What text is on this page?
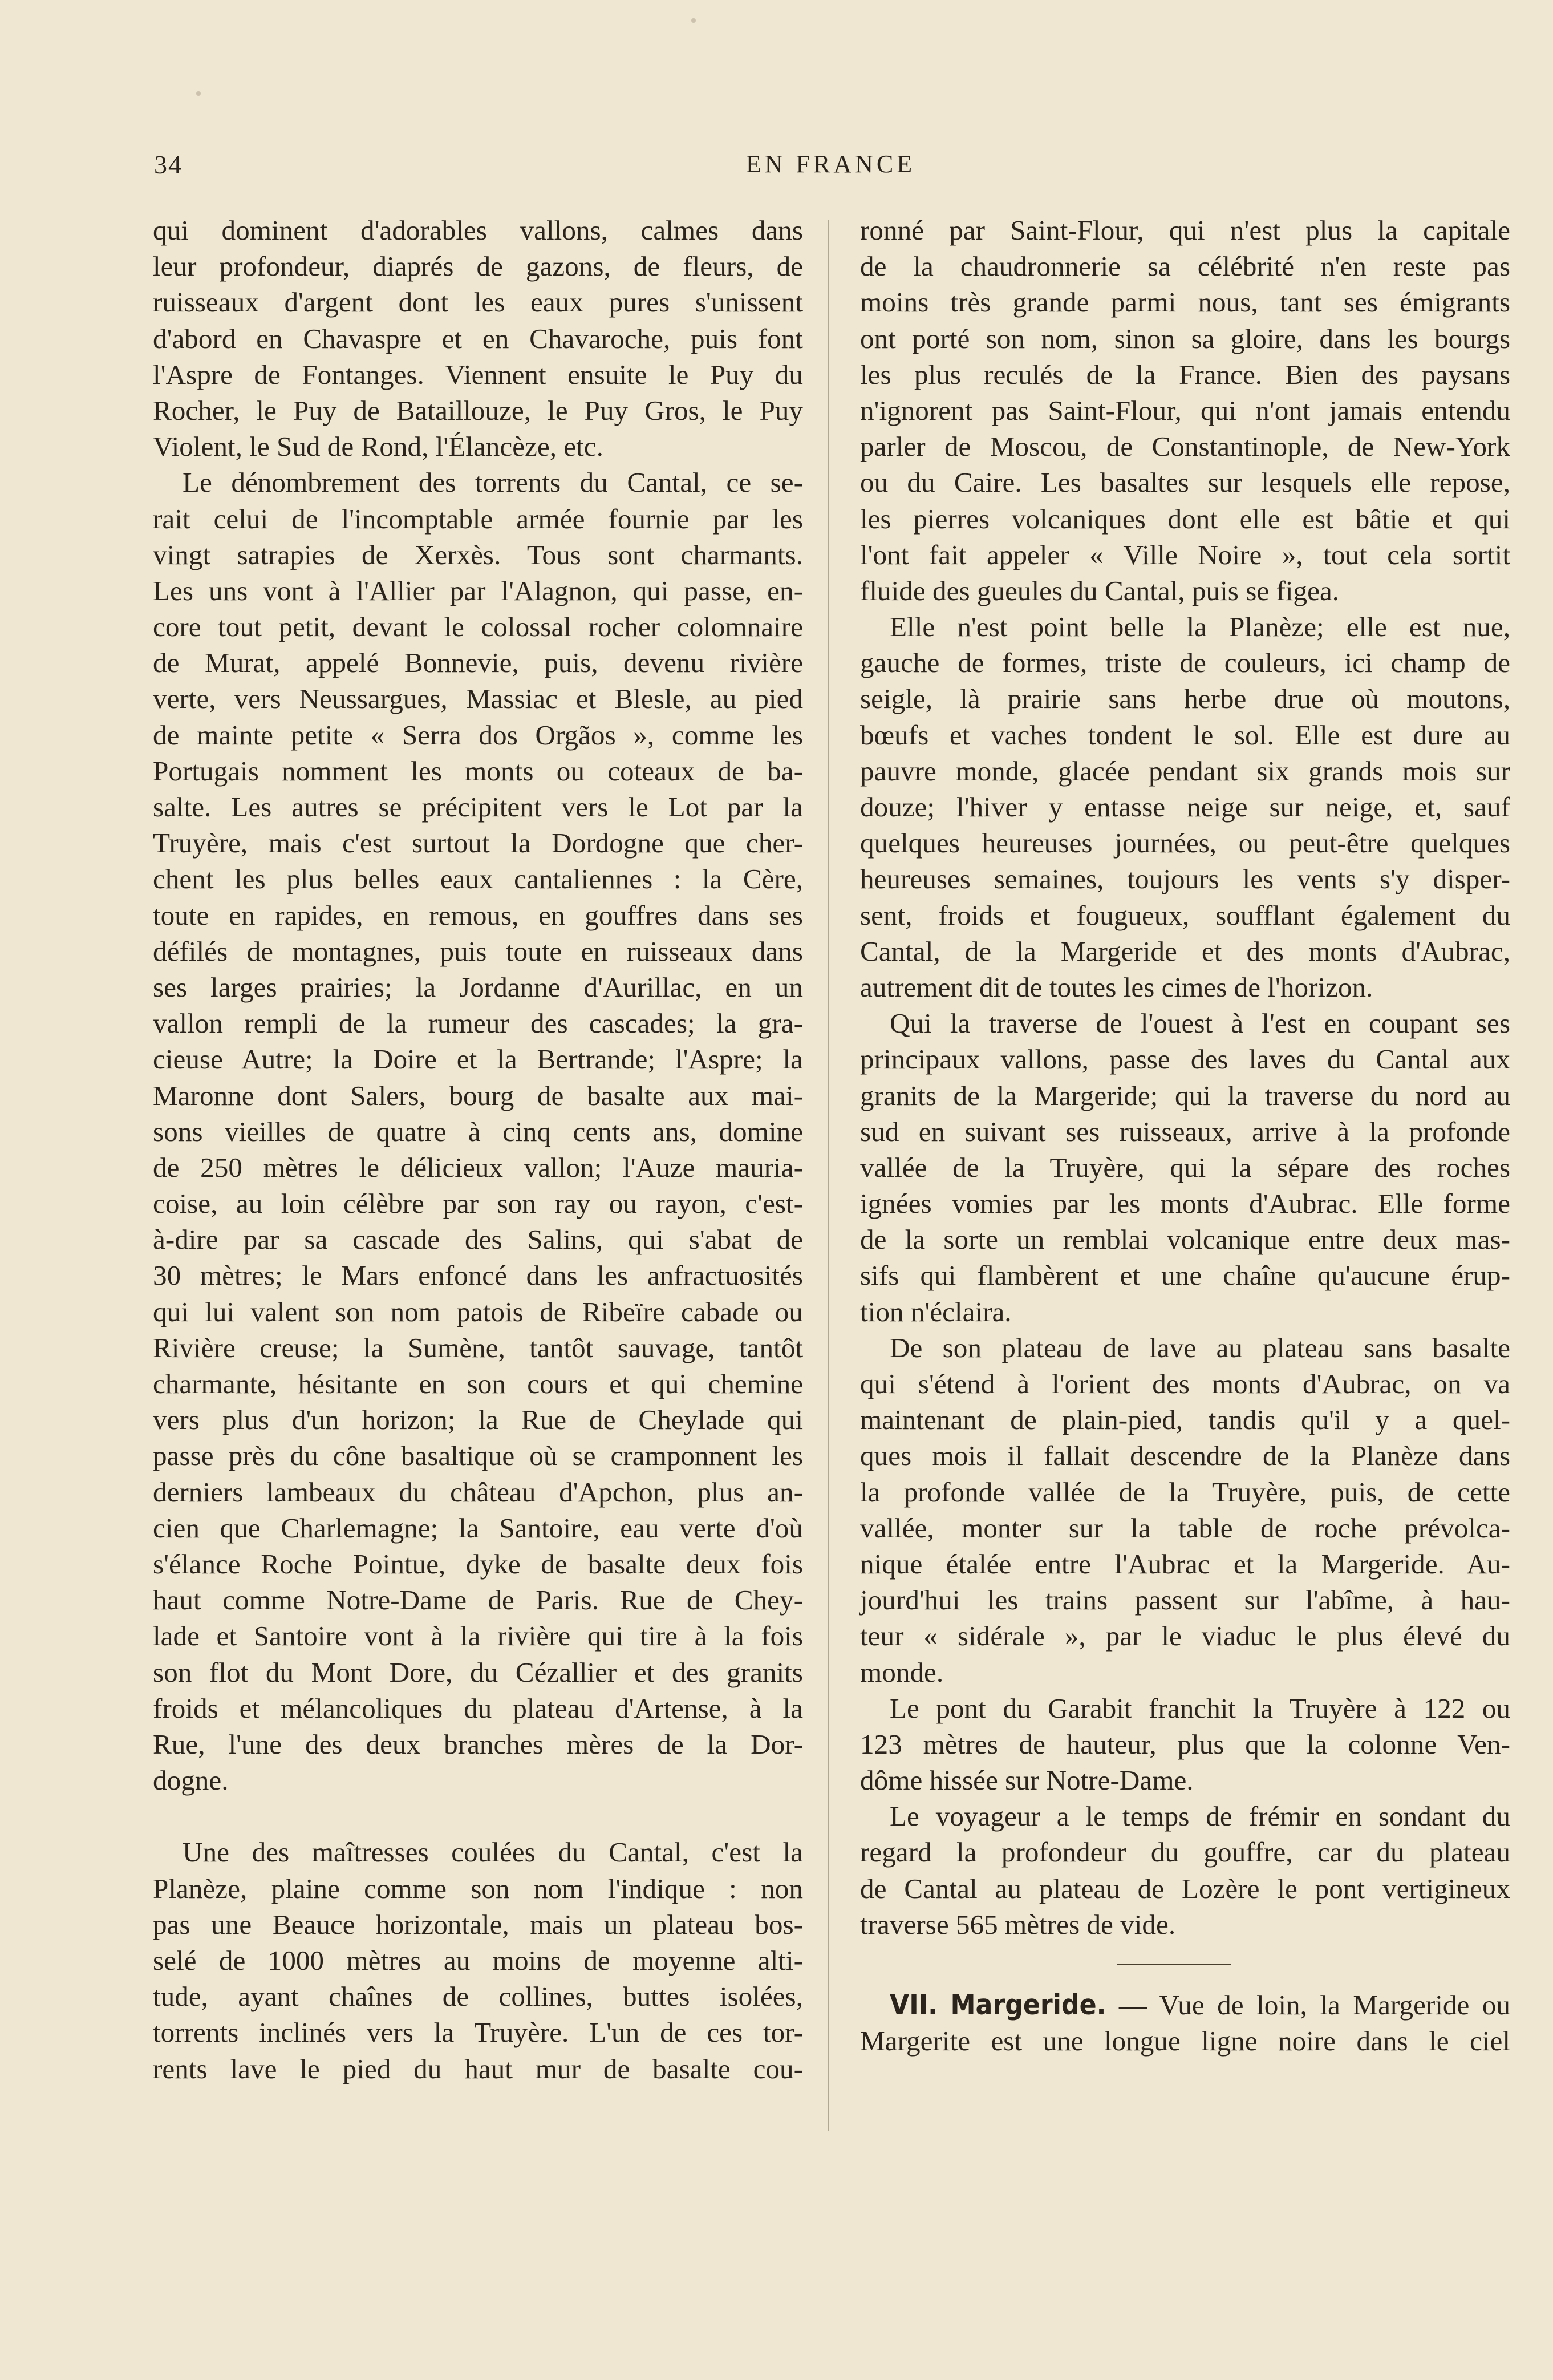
34	EN FRANCE
qui dominent d'adorables vallons, calmes dans
leur profondeur, diaprés de gazons, de fleurs, de
ruisseaux d'argent dont les eaux pures s'unissent
d'abord en Chavaspre et en Chavaroche, puis font
l'Aspre de Fontanges. Viennent ensuite le Puy du
Rocher, le Puy de Bataillouze, le Puy Gros, le Puy
Violent, le Sud de Rond, l'Élancèze, etc.
Le dénombrement des torrents du Cantal, ce se-
rait celui de l'incomptable armée fournie par les
vingt satrapies de Xerxès. Tous sont charmants.
Les uns vont à l'Allier par l'Alagnon, qui passe, en-
core tout petit, devant le colossal rocher colomnaire
de Murat, appelé Bonnevie, puis, devenu rivière
verte, vers Neussargues, Massiac et Blesle, au pied
de mainte petite « Serra dos Orgãos », comme les
Portugais nomment les monts ou coteaux de ba-
salte. Les autres se précipitent vers le Lot par la
Truyère, mais c'est surtout la Dordogne que cher-
chent les plus belles eaux cantaliennes : la Cère,
toute en rapides, en remous, en gouffres dans ses
défilés de montagnes, puis toute en ruisseaux dans
ses larges prairies; la Jordanne d'Aurillac, en un
vallon rempli de la rumeur des cascades; la gra-
cieuse Autre; la Doire et la Bertrande; l'Aspre; la
Maronne dont Salers, bourg de basalte aux mai-
sons vieilles de quatre à cinq cents ans, domine
de 250 mètres le délicieux vallon; l'Auze mauria-
coise, au loin célèbre par son ray ou rayon, c'est-
à-dire par sa cascade des Salins, qui s'abat de
30 mètres; le Mars enfoncé dans les anfractuosités
qui lui valent son nom patois de Ribeïre cabade ou
Rivière creuse; la Sumène, tantôt sauvage, tantôt
charmante, hésitante en son cours et qui chemine
vers plus d'un horizon; la Rue de Cheylade qui
passe près du cône basaltique où se cramponnent les
derniers lambeaux du château d'Apchon, plus an-
cien que Charlemagne; la Santoire, eau verte d'où
s'élance Roche Pointue, dyke de basalte deux fois
haut comme Notre-Dame de Paris. Rue de Chey-
lade et Santoire vont à la rivière qui tire à la fois
son flot du Mont Dore, du Cézallier et des granits
froids et mélancoliques du plateau d'Artense, à la
Rue, l'une des deux branches mères de la Dor-
dogne.
Une des maîtresses coulées du Cantal, c'est la
Planèze, plaine comme son nom l'indique : non
pas une Beauce horizontale, mais un plateau bos-
selé de 1000 mètres au moins de moyenne alti-
tude, ayant chaînes de collines, buttes isolées,
torrents inclinés vers la Truyère. L'un de ces tor-
rents lave le pied du haut mur de basalte cou-
ronné par Saint-Flour, qui n'est plus la capitale
de la chaudronnerie sa célébrité n'en reste pas
moins très grande parmi nous, tant ses émigrants
ont porté son nom, sinon sa gloire, dans les bourgs
les plus reculés de la France. Bien des paysans
n'ignorent pas Saint-Flour, qui n'ont jamais entendu
parler de Moscou, de Constantinople, de New-York
ou du Caire. Les basaltes sur lesquels elle repose,
les pierres volcaniques dont elle est bâtie et qui
l'ont fait appeler « Ville Noire », tout cela sortit
fluide des gueules du Cantal, puis se figea.
Elle n'est point belle la Planèze; elle est nue,
gauche de formes, triste de couleurs, ici champ de
seigle, là prairie sans herbe drue où moutons,
bœufs et vaches tondent le sol. Elle est dure au
pauvre monde, glacée pendant six grands mois sur
douze; l'hiver y entasse neige sur neige, et, sauf
quelques heureuses journées, ou peut-être quelques
heureuses semaines, toujours les vents s'y disper-
sent, froids et fougueux, soufflant également du
Cantal, de la Margeride et des monts d'Aubrac,
autrement dit de toutes les cimes de l'horizon.
Qui la traverse de l'ouest à l'est en coupant ses
principaux vallons, passe des laves du Cantal aux
granits de la Margeride; qui la traverse du nord au
sud en suivant ses ruisseaux, arrive à la profonde
vallée de la Truyère, qui la sépare des roches
ignées vomies par les monts d'Aubrac. Elle forme
de la sorte un remblai volcanique entre deux mas-
sifs qui flambèrent et une chaîne qu'aucune érup-
tion n'éclaira.
De son plateau de lave au plateau sans basalte
qui s'étend à l'orient des monts d'Aubrac, on va
maintenant de plain-pied, tandis qu'il y a quel-
ques mois il fallait descendre de la Planèze dans
la profonde vallée de la Truyère, puis, de cette
vallée, monter sur la table de roche prévolca-
nique étalée entre l'Aubrac et la Margeride. Au-
jourd'hui les trains passent sur l'abîme, à hau-
teur « sidérale », par le viaduc le plus élevé du
monde.
Le pont du Garabit franchit la Truyère à 122 ou
123 mètres de hauteur, plus que la colonne Ven-
dôme hissée sur Notre-Dame.
Le voyageur a le temps de frémir en sondant du
regard la profondeur du gouffre, car du plateau
de Cantal au plateau de Lozère le pont vertigineux
traverse 565 mètres de vide.
VII. Margeride. — Vue de loin, la Margeride ou
Margerite est une longue ligne noire dans le ciel
